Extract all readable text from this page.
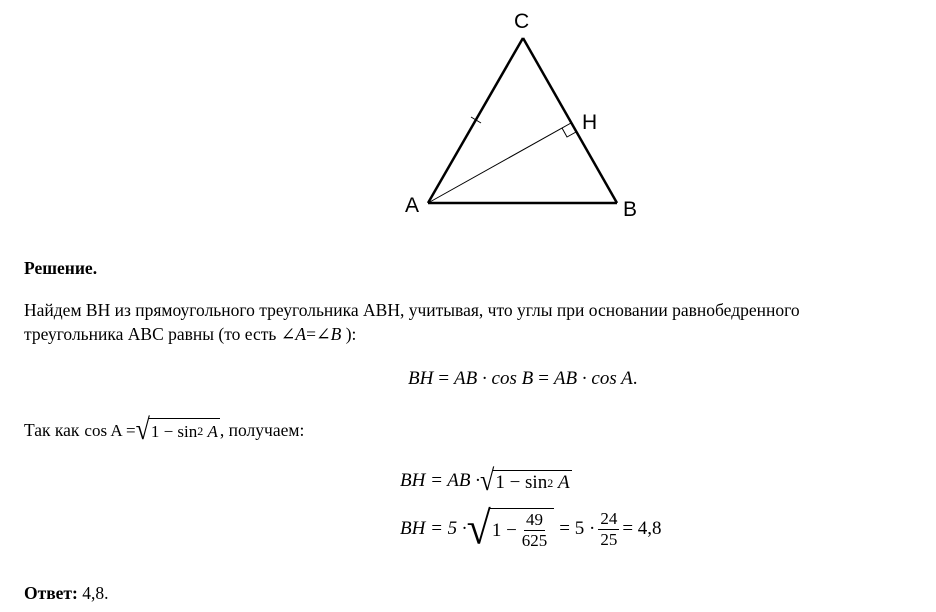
C
H
A	B
Решение.
Найдем BH из прямоугольного треугольника ABH, учитывая, что углы при основании равнобедренного
треугольника ABC равны (то есть ∠A=∠B ):
BH = AB · cos B = AB · cos A .
Так как cos A = √ 1 − sin 2
A , получаем:
BH = AB · √ 1 − sin 2
A
BH = 5 · √ $1 - \frac{49}{625} = 5 \cdot \frac{24}{25} = 4,8$
Ответ: 4,8.
